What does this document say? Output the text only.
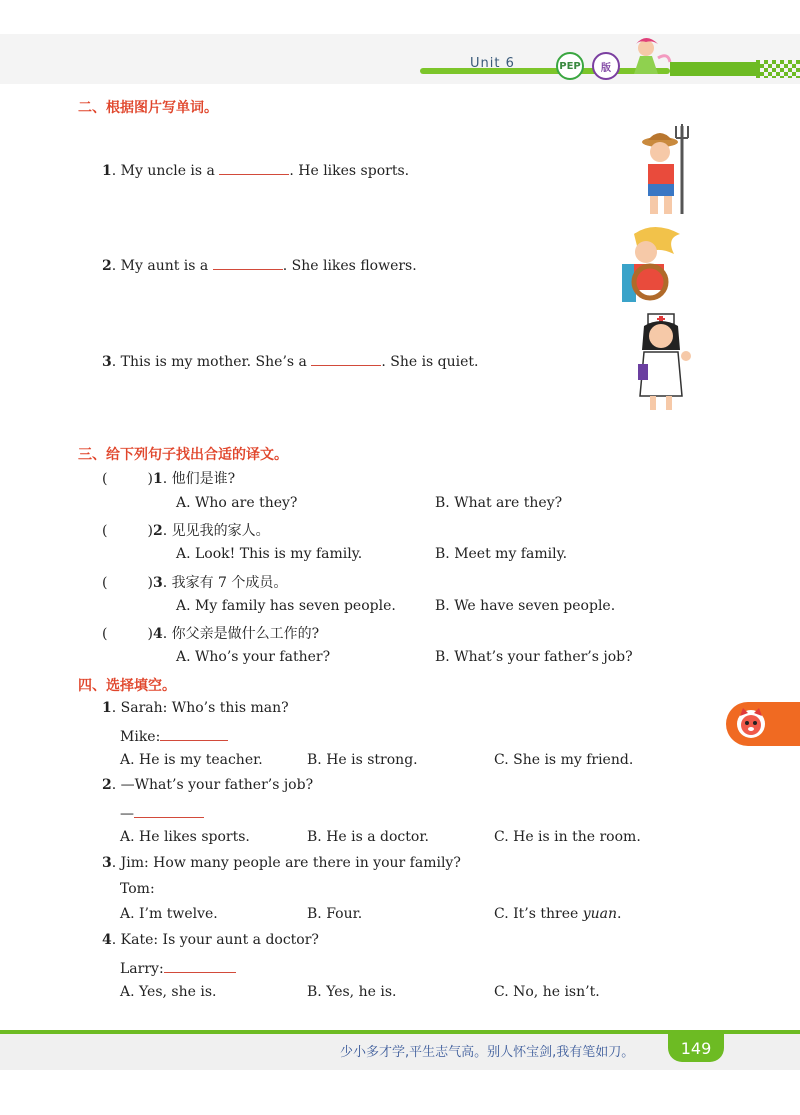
Unit 6	PEP	版
二、根据图片写单词。
1. My uncle is a	. He likes sports.
2. My aunt is a	. She likes flowers.
3. This is my mother. She’s a	. She is quiet.
三、给下列句子找出合适的译文。
(	)1. 他们是谁?
A. Who are they?	B. What are they?
(	)2. 见见我的家人。
A. Look! This is my family.	B. Meet my family.
(	)3. 我家有 7 个成员。
A. My family has seven people.	B. We have seven people.
(	)4. 你父亲是做什么工作的?
A. Who’s your father?	B. What’s your father’s job?
四、选择填空。
1. Sarah: Who’s this man?
Mike:
A. He is my teacher.	B. He is strong.	C. She is my friend.
2. —What’s your father’s job?
—
A. He likes sports.	B. He is a doctor.	C. He is in the room.
3. Jim: How many people are there in your family?
Tom:
A. I’m twelve.	B. Four.	C. It’s three yuan.
4. Kate: Is your aunt a doctor?
Larry:
A. Yes, she is.	B. Yes, he is.	C. No, he isn’t.
少小多才学,平生志气高。别人怀宝剑,我有笔如刀。	149
